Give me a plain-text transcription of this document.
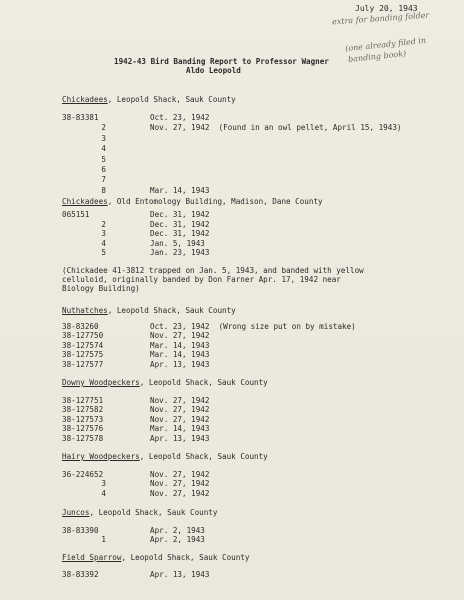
July 20, 1943
extra for banding folder
(one already filed in
banding book)
1942-43 Bird Banding Report to Professor Wagner
Aldo Leopold
Chickadees, Leopold Shack, Sauk County
38-83381	Oct. 23, 1942
2	Nov. 27, 1942 (Found in an owl pellet, April 15, 1943)
3
4
5
6
7
8	Mar. 14, 1943
Chickadees, Old Entomology Building, Madison, Dane County
065151	Dec. 31, 1942
2	Dec. 31, 1942
3	Dec. 31, 1942
4	Jan. 5, 1943
5	Jan. 23, 1943
(Chickadee 41-3812 trapped on Jan. 5, 1943, and banded with yellow
celluloid, originally banded by Don Farner Apr. 17, 1942 near
Biology Building)
Nuthatches, Leopold Shack, Sauk County
38-83260	Oct. 23, 1942 (Wrong size put on by mistake)
38-127750	Nov. 27, 1942
38-127574	Mar. 14, 1943
38-127575	Mar. 14, 1943
38-127577	Apr. 13, 1943
Downy Woodpeckers, Leopold Shack, Sauk County
38-127751	Nov. 27, 1942
38-127582	Nov. 27, 1942
38-127573	Nov. 27, 1942
38-127576	Mar. 14, 1943
38-127578	Apr. 13, 1943
Hairy Woodpeckers, Leopold Shack, Sauk County
36-224652	Nov. 27, 1942
3	Nov. 27, 1942
4	Nov. 27, 1942
Juncos, Leopold Shack, Sauk County
38-83390	Apr. 2, 1943
1	Apr. 2, 1943
Field Sparrow, Leopold Shack, Sauk County
38-83392	Apr. 13, 1943
